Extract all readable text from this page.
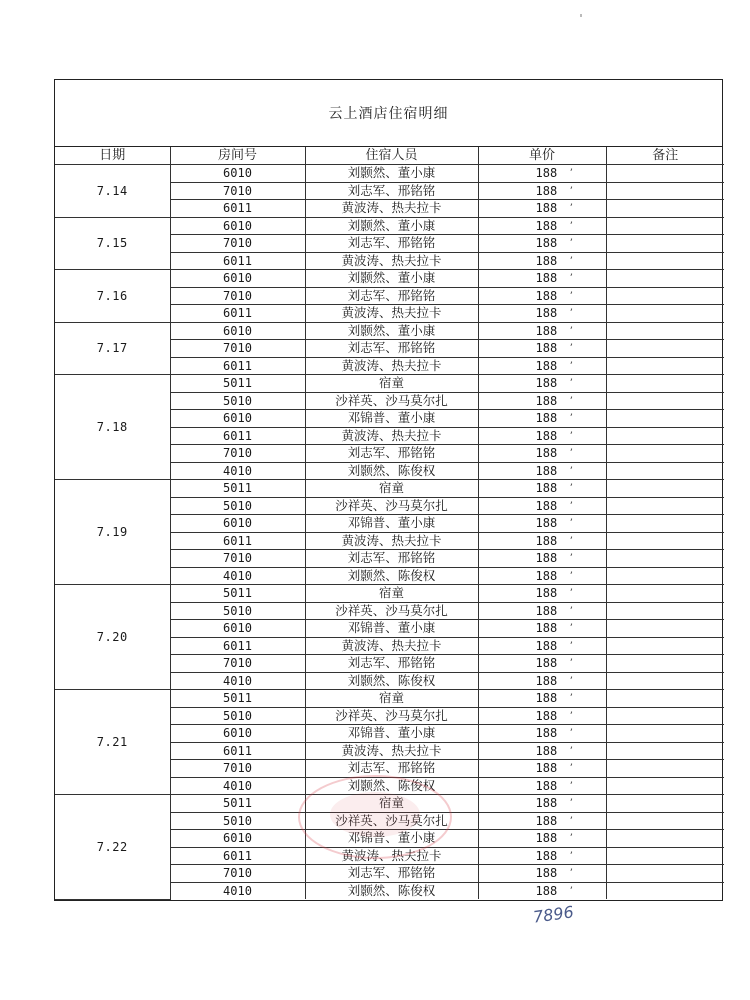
云上酒店住宿明细
日期	房间号	住宿人员	单价	备注
7.14	6010	刘颢然、董小康	188 ʼ	

	7010	刘志军、邢铭铭	188 ʼ	

	6011	黄波涛、热夫拉卡	188 ʼ	

7.15	6010	刘颢然、董小康	188 ʼ	

	7010	刘志军、邢铭铭	188 ʼ	

	6011	黄波涛、热夫拉卡	188 ʼ	

7.16	6010	刘颢然、董小康	188 ʼ	

	7010	刘志军、邢铭铭	188 ʼ	

	6011	黄波涛、热夫拉卡	188 ʼ	

7.17	6010	刘颢然、董小康	188 ʼ	

	7010	刘志军、邢铭铭	188 ʼ	

	6011	黄波涛、热夫拉卡	188 ʼ	

7.18	5011	宿童	188 ʼ	

	5010	沙祥英、沙马莫尔扎	188 ʼ	

	6010	邓锦普、董小康	188 ʼ	

	6011	黄波涛、热夫拉卡	188 ʼ	

	7010	刘志军、邢铭铭	188 ʼ	

	4010	刘颢然、陈俊权	188 ʼ	

7.19	5011	宿童	188 ʼ	

	5010	沙祥英、沙马莫尔扎	188 ʼ	

	6010	邓锦普、董小康	188 ʼ	

	6011	黄波涛、热夫拉卡	188 ʼ	

	7010	刘志军、邢铭铭	188 ʼ	

	4010	刘颢然、陈俊权	188 ʼ	

7.20	5011	宿童	188 ʼ	

	5010	沙祥英、沙马莫尔扎	188 ʼ	

	6010	邓锦普、董小康	188 ʼ	

	6011	黄波涛、热夫拉卡	188 ʼ	

	7010	刘志军、邢铭铭	188 ʼ	

	4010	刘颢然、陈俊权	188 ʼ	

7.21	5011	宿童	188 ʼ	

	5010	沙祥英、沙马莫尔扎	188 ʼ	

	6010	邓锦普、董小康	188 ʼ	

	6011	黄波涛、热夫拉卡	188 ʼ	

	7010	刘志军、邢铭铭	188 ʼ	

	4010	刘颢然、陈俊权	188 ʼ	

7.22	5011	宿童	188 ʼ	

	5010	沙祥英、沙马莫尔扎	188 ʼ	

	6010	邓锦普、董小康	188 ʼ	

	6011	黄波涛、热夫拉卡	188 ʼ	

	7010	刘志军、邢铭铭	188 ʼ	

	4010	刘颢然、陈俊权	188 ʼ	

7896
